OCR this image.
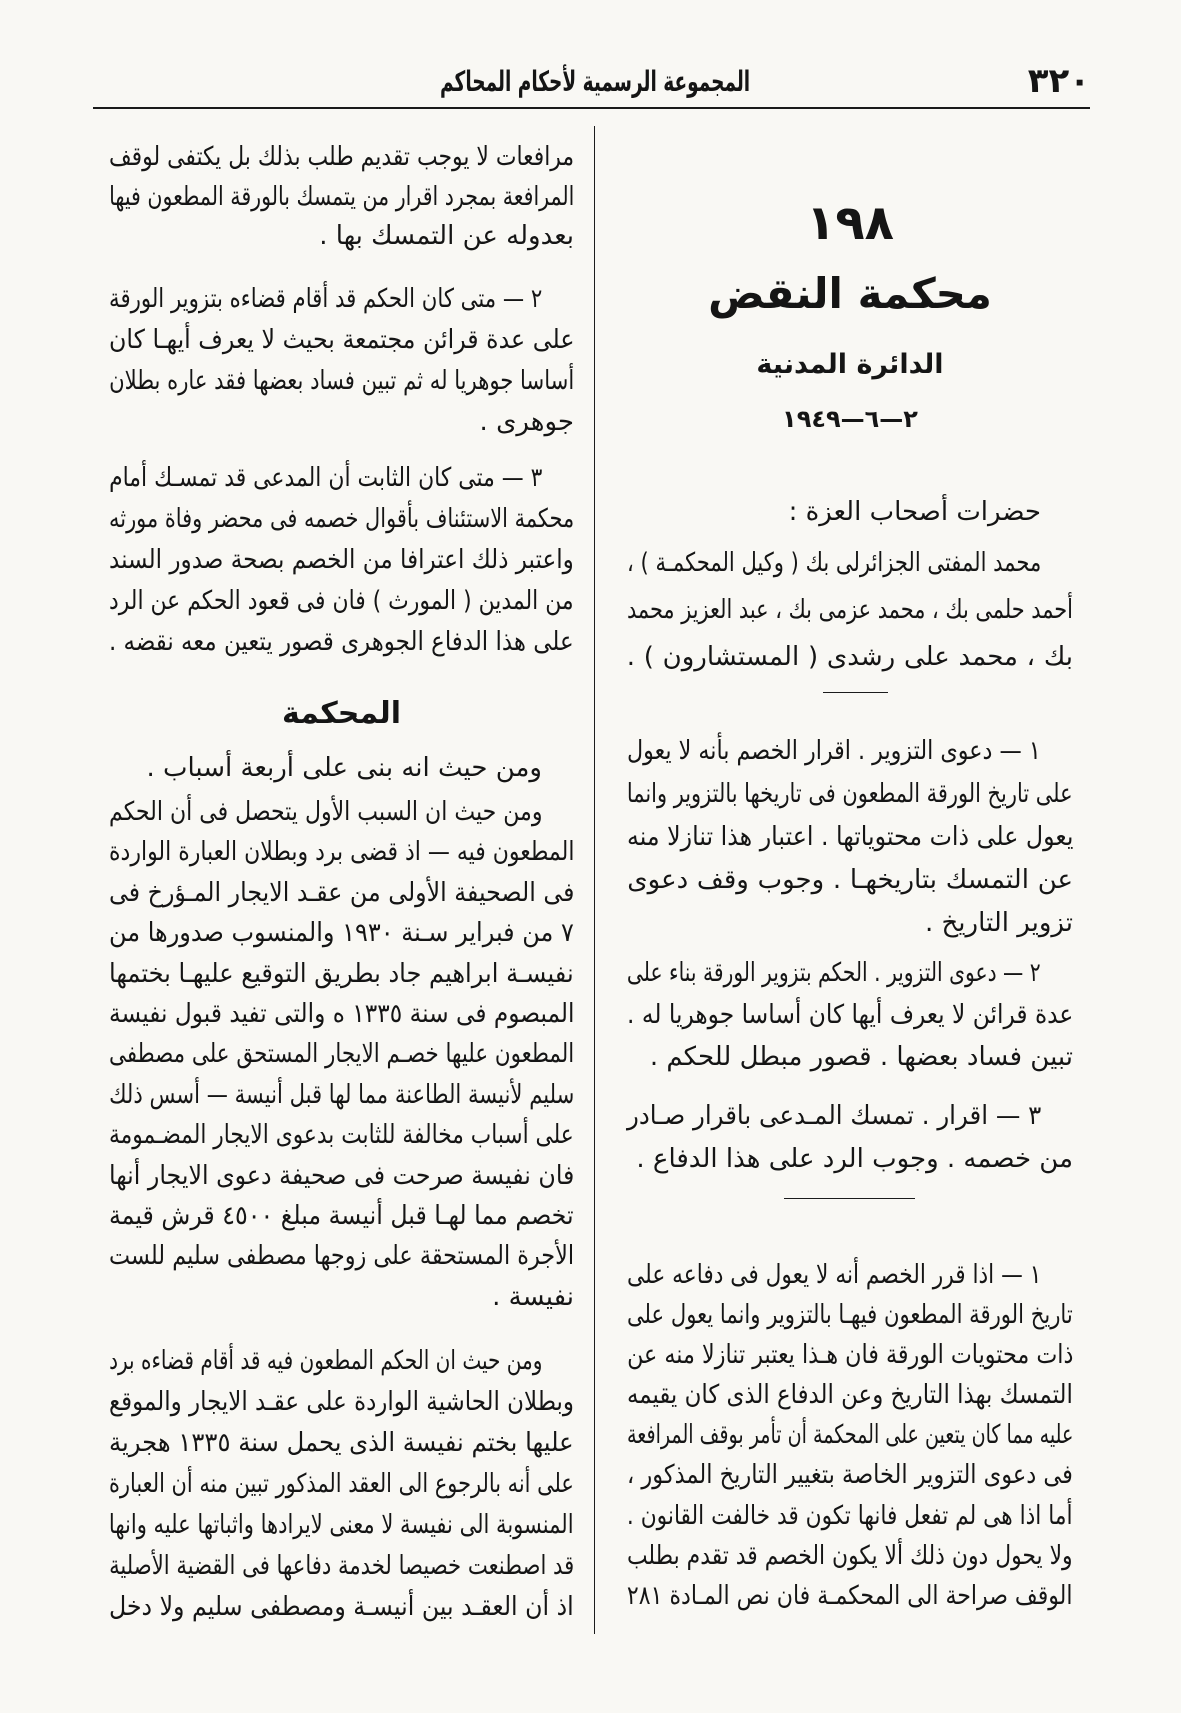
المجموعة الرسمية لأحكام المحاكم	٣٢٠
١٩٨
محكمة النقض
الدائرة المدنية
٢—٦—١٩٤٩
حضرات أصحاب العزة :
محمد المفتى الجزائرلى بك ( وكيل المحكمـة ) ،
أحمد حلمى بك ، محمد عزمى بك ، عبد العزيز محمد
بك ، محمد على رشدى ( المستشارون ) .
١ — دعوى التزوير . اقرار الخصم بأنه لا يعول
على تاريخ الورقة المطعون فى تاريخها بالتزوير وانما
يعول على ذات محتوياتها . اعتبار هذا تنازلا منه
عن التمسك بتاريخهـا . وجوب وقف دعوى
تزوير التاريخ .
٢ — دعوى التزوير . الحكم بتزوير الورقة بناء على
عدة قرائن لا يعرف أيها كان أساسا جوهريا له .
تبين فساد بعضها . قصور مبطل للحكم .
٣ — اقرار . تمسك المـدعى باقرار صـادر
من خصمه . وجوب الرد على هذا الدفاع .
١ — اذا قرر الخصم أنه لا يعول فى دفاعه على
تاريخ الورقة المطعون فيهـا بالتزوير وانما يعول على
ذات محتويات الورقة فان هـذا يعتبر تنازلا منه عن
التمسك بهذا التاريخ وعن الدفاع الذى كان يقيمه
عليه مما كان يتعين على المحكمة أن تأمر بوقف المرافعة
فى دعوى التزوير الخاصة بتغيير التاريخ المذكور ،
أما اذا هى لم تفعل فانها تكون قد خالفت القانون .
ولا يحول دون ذلك ألا يكون الخصم قد تقدم بطلب
الوقف صراحة الى المحكمـة فان نص المـادة ٢٨١
مرافعات لا يوجب تقديم طلب بذلك بل يكتفى لوقف
المرافعة بمجرد اقرار من يتمسك بالورقة المطعون فيها
بعدوله عن التمسك بها .
٢ — متى كان الحكم قد أقام قضاءه بتزوير الورقة
على عدة قرائن مجتمعة بحيث لا يعرف أيهـا كان
أساسا جوهريا له ثم تبين فساد بعضها فقد عاره بطلان
جوهرى .
٣ — متى كان الثابت أن المدعى قد تمسـك أمام
محكمة الاستئناف بأقوال خصمه فى محضر وفاة مورثه
واعتبر ذلك اعترافا من الخصم بصحة صدور السند
من المدين ( المورث ) فان فى قعود الحكم عن الرد
على هذا الدفاع الجوهرى قصور يتعين معه نقضه .
المحكمة
ومن حيث انه بنى على أربعة أسباب .
ومن حيث ان السبب الأول يتحصل فى أن الحكم
المطعون فيه — اذ قضى برد وبطلان العبارة الواردة
فى الصحيفة الأولى من عقـد الايجار المـؤرخ فى
٧ من فبراير سـنة ١٩٣٠ والمنسوب صدورها من
نفيسـة ابراهيم جاد بطريق التوقيع عليهـا بختمها
المبصوم فى سنة ١٣٣٥ ه والتى تفيد قبول نفيسة
المطعون عليها خصـم الايجار المستحق على مصطفى
سليم لأنيسة الطاعنة مما لها قبل أنيسة — أسس ذلك
على أسباب مخالفة للثابت بدعوى الايجار المضـمومة
فان نفيسة صرحت فى صحيفة دعوى الايجار أنها
تخصم مما لهـا قبل أنيسة مبلغ ٤٥٠٠ قرش قيمة
الأجرة المستحقة على زوجها مصطفى سليم للست
نفيسة .
ومن حيث ان الحكم المطعون فيه قد أقام قضاءه برد
وبطلان الحاشية الواردة على عقـد الايجار والموقع
عليها بختم نفيسة الذى يحمل سنة ١٣٣٥ هجرية
على أنه بالرجوع الى العقد المذكور تبين منه أن العبارة
المنسوبة الى نفيسة لا معنى لايرادها واثباتها عليه وانها
قد اصطنعت خصيصا لخدمة دفاعها فى القضية الأصلية
اذ أن العقـد بين أنيسـة ومصطفى سليم ولا دخل
